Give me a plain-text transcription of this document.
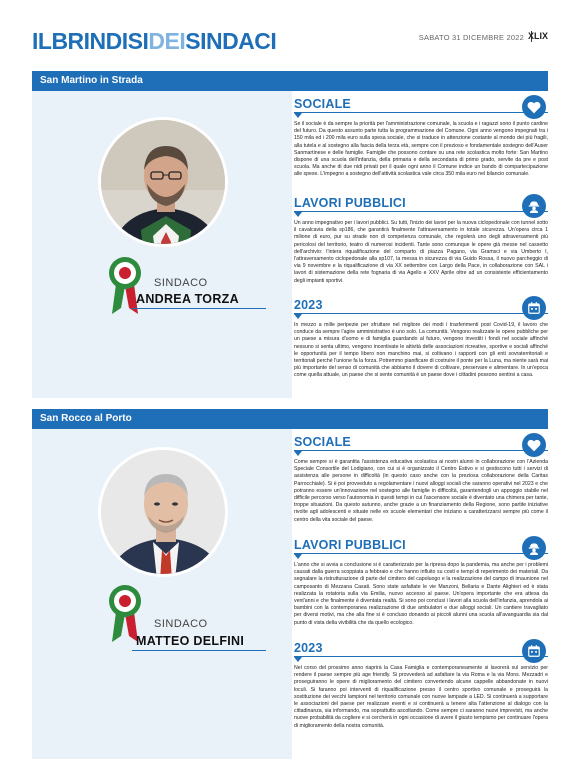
ILBRINDISIDEISINDACI	SABATO 31 DICEMBRE 2022 XLIX
San Martino in Strada
SINDACO
ANDREA TORZA
SOCIALE
Se il sociale è da sempre la priorità per l'amministrazione comunale, la scuola e i ragazzi sono il punto cardine del futuro. Da questo assunto parte tutta la programmazione del Comune. Ogni anno vengono impegnati tra i 150 mila ed i 200 mila euro sulla spesa sociale, che si traduce in attenzione costante al mondo dei più fragili, alla tutela e al sostegno alla fascia della terza età, sempre con il prezioso e fondamentale sostegno dell'Auser Sanmartinese e delle famiglie. Famiglie che possono contare su una rete scolastica molto forte: San Martino dispone di una scuola dell'infanzia, della primaria e della secondaria di primo grado, servite da pre e post scuola. Ma anche di due nidi privati per il quale ogni anno il Comune indice un bando di compartecipazione alle spese. L'impegno a sostegno dell'attività scolastica vale circa 350 mila euro nel bilancio comunale.
LAVORI PUBBLICI
Un anno impegnativo per i lavori pubblici. Su tutti, l'inizio dei lavori per la nuova ciclopedonale con tunnel sotto il cavalcavia della sp186, che garantirà finalmente l'attraversamento in totale sicurezza. Un'opera circa 1 milione di euro, pur su strade non di competenza comunale, che regolerà uno degli attraversamenti più pericolosi del territorio, teatro di numerosi incidenti. Tante sono comunque le opere già messe nel cassetto dell'archivio: l'intera riqualificazione del comparto di piazza Pagano, via Gramsci e via Umberto I, l'attraversamento ciclopedonale alla sp107, la messa in sicurezza di via Guido Rossa, il nuovo parcheggio di via 9 novembre e la riqualificazione di via XX settembre con Largo della Pace, in collaborazione con SAL i lavori di sistemazione della rete fognaria di via Agello e XXV Aprile oltre ad un consistente efficientamento degli impianti sportivi.
2023
In mezzo a mille peripezie per sfruttare nel migliore dei modi i trasferimenti post Covid-19, il lavoro che conduce da sempre l'agire amministrativo è uno solo. La comunità. Vengono realizzate le opere pubbliche per un paese a misura d'uomo e di famiglia guardando al futuro, vengono investiti i fondi nel sociale affinché nessuno si senta ultimo, vengono incentivate le attività delle associazioni ricreative, sportive e sociali affinché le opportunità per il tempo libero non manchino mai, si coltivano i rapporti con gli enti sovraterritoriali e territoriali perché l'unione fa la forza. Potremmo pianificare di costruire il ponte per la Luna, ma niente sarà mai più importante del senso di comunità che abbiamo il dovere di coltivare, preservare e alimentare. In un'epoca come quella attuale, un paese che si sente comunità è un paese dove i cittadini possono sentirsi a casa.
San Rocco al Porto
SINDACO
MATTEO DELFINI
SOCIALE
Come sempre si è garantita l'assistenza educativa scolastica ai nostri alunni in collaborazione con l'Azienda Speciale Consortile del Lodigiano, con cui si è organizzato il Centro Estivo e si gestiscono tutti i servizi di assistenza alle persone in difficoltà (in questo caso anche con la preziosa collaborazione della Caritas Parrocchiale). Si è poi provveduto a regolamentare i nuovi alloggi sociali che saranno operativi nel 2023 e che potranno essere un'innovazione nel sostegno alle famiglie in difficoltà, garantendogli un appoggio stabile nel difficile percorso verso l'autonomia in questi tempi in cui l'ascensore sociale è diventato una chimera per tante, troppe situazioni. Da questo autunno, anche grazie a un finanziamento della Regione, sono partite iniziative rivolte agli adolescenti e situate nelle ex scuole elementari che iniziano a caratterizzarsi sempre più come il centro della vita sociale del paese.
LAVORI PUBBLICI
L'anno che si avvia a conclusione si è caratterizzato per la ripresa dopo la pandemia, ma anche per i problemi causati dalla guerra scoppiata a febbraio e che hanno influito su costi e tempi di reperimento dei materiali. Da segnalare la ristrutturazione di parte del cimitero del capoluogo e la realizzazione del campo di imaunione nel camposanto di Mezzana Casati. Sono state asfaltate le vie Manzoni, Bellaria e Dante Alighieri ed è stata realizzata la rotatoria sulla via Emilia, nuovo accesso al paese. Un'opera importante che era attesa da vent'anni e che finalmente è diventata realtà. Si sono poi conclusi i lavori alla scuola dell'infanzia, aprendola ai bambini con la contemporanea realizzazione di due ambulatori e due alloggi sociali. Un cantiere travagliato per diversi motivi, ma che alla fine si è concluso donando ai piccoli alunni una scuola all'avanguardia sia dal punto di vista della vivibilità che da quello ecologico.
2023
Nel corso del prossimo anno riaprirà la Casa Famiglia e contemporaneamente si lavorerà sul servizio per rendere il paese sempre più age friendly. Si provvederà ad asfaltare la via Roma e la via Mons. Mezzadri e proseguiranno le opere di miglioramento del cimitero convertendo alcune cappelle abbandonate in nuovi loculi. Si faranno poi interventi di riqualificazione presso il centro sportivo comunale e proseguirà la sostituzione dei vecchi lampioni nel territorio comunale con nuove lampade a LED. Si continuerà a supportare le associazioni del paese per realizzare eventi e si continuerà a tenere alta l'attenzione al dialogo con la cittadinanza, sia informando, ma soprattutto ascoltando. Come sempre ci saranno nuovi imprevisti, ma anche nuove probabilità da cogliere e si cercherà in ogni occasione di avere il giusto tempismo per continuare l'opera di miglioramento della nostra comunità.
